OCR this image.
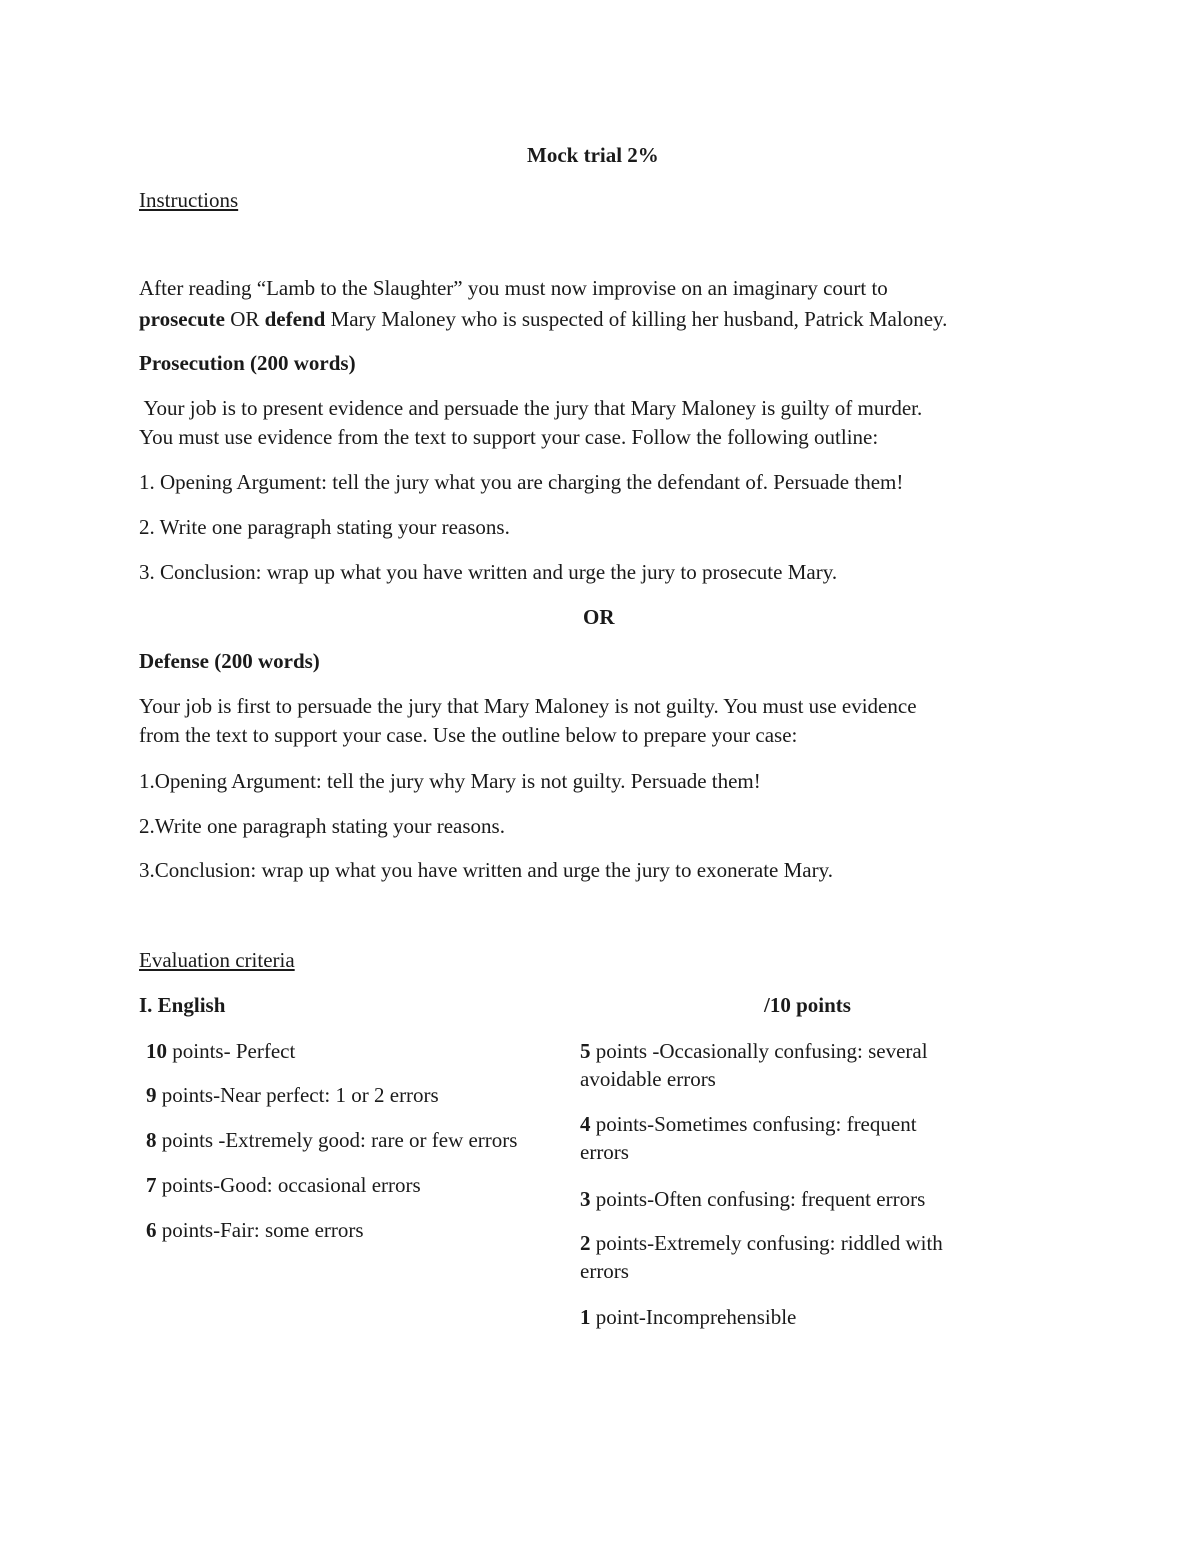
Mock trial 2%
Instructions
After reading “Lamb to the Slaughter” you must now improvise on an imaginary court to
prosecute OR defend Mary Maloney who is suspected of killing her husband, Patrick Maloney.
Prosecution (200 words)
Your job is to present evidence and persuade the jury that Mary Maloney is guilty of murder.
You must use evidence from the text to support your case. Follow the following outline:
1. Opening Argument: tell the jury what you are charging the defendant of. Persuade them!
2. Write one paragraph stating your reasons.
3. Conclusion: wrap up what you have written and urge the jury to prosecute Mary.
OR
Defense (200 words)
Your job is first to persuade the jury that Mary Maloney is not guilty. You must use evidence
from the text to support your case. Use the outline below to prepare your case:
1.Opening Argument: tell the jury why Mary is not guilty. Persuade them!
2.Write one paragraph stating your reasons.
3.Conclusion: wrap up what you have written and urge the jury to exonerate Mary.
Evaluation criteria
I. English	/10 points
10 points- Perfect
9 points-Near perfect: 1 or 2 errors
8 points -Extremely good: rare or few errors
7 points-Good: occasional errors
6 points-Fair: some errors
5 points -Occasionally confusing: several
avoidable errors
4 points-Sometimes confusing: frequent
errors
3 points-Often confusing: frequent errors
2 points-Extremely confusing: riddled with
errors
1 point-Incomprehensible
